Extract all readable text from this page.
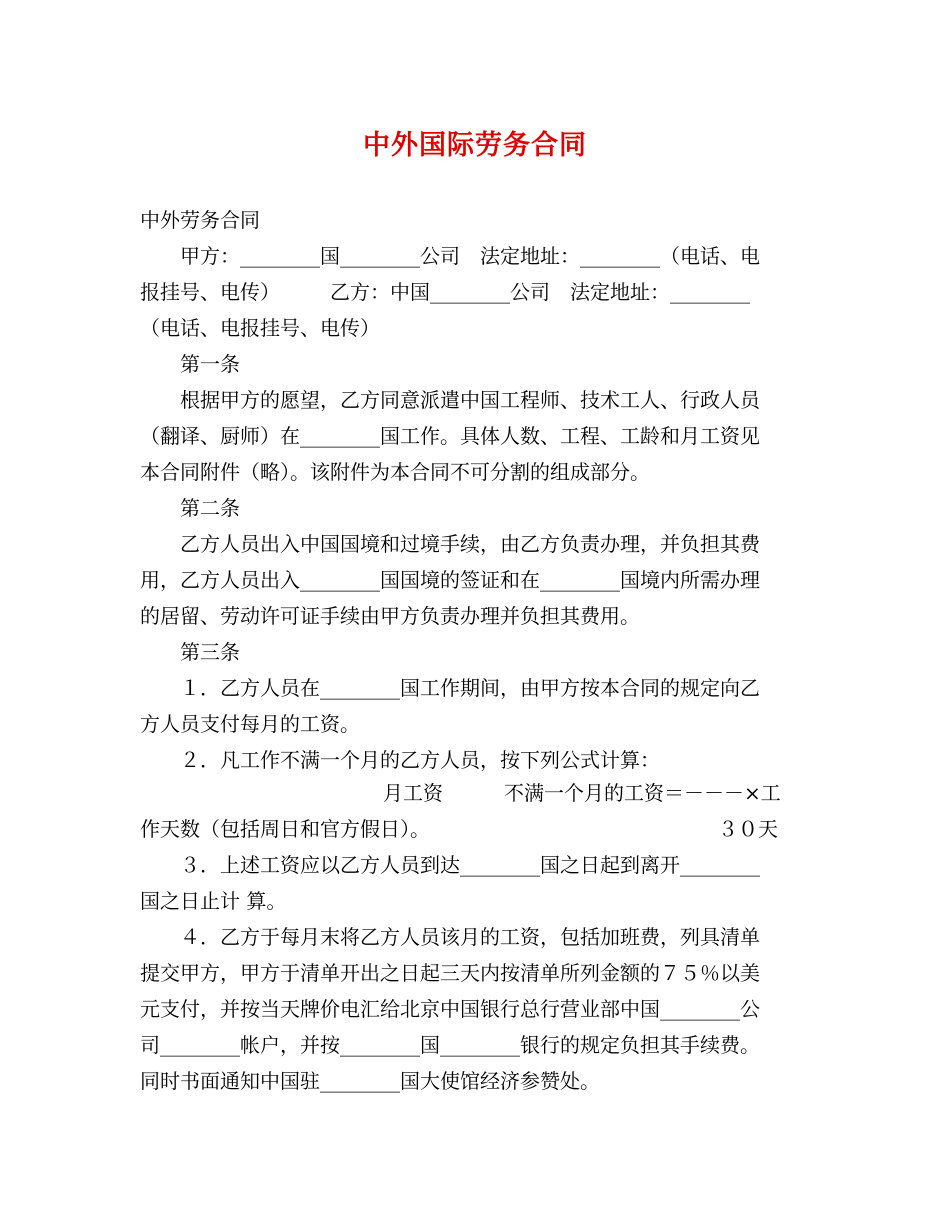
中外国际劳务合同
中外劳务合同
　　甲方：________国________公司　法定地址：________（电话、电
报挂号、电传）　　　乙方：中国________公司　法定地址：________
（电话、电报挂号、电传）
　　第一条
　　根据甲方的愿望，乙方同意派遣中国工程师、技术工人、行政人员
（翻译、厨师）在________国工作。具体人数、工程、工龄和月工资见
本合同附件（略）。该附件为本合同不可分割的组成部分。
　　第二条
　　乙方人员出入中国国境和过境手续，由乙方负责办理，并负担其费
用，乙方人员出入________国国境的签证和在________国境内所需办理
的居留、劳动许可证手续由甲方负责办理并负担其费用。
　　第三条
　　１．乙方人员在________国工作期间，由甲方按本合同的规定向乙
方人员支付每月的工资。
　　２．凡工作不满一个月的乙方人员，按下列公式计算：

月工资

	不满一个月的工资＝－－－×工

作天数（包括周日和官方假日）。

	３０天

　　３．上述工资应以乙方人员到达________国之日起到离开________
国之日止计 算。
　　４．乙方于每月末将乙方人员该月的工资，包括加班费，列具清单
提交甲方，甲方于清单开出之日起三天内按清单所列金额的７５％以美
元支付，并按当天牌价电汇给北京中国银行总行营业部中国________公
司________帐户，并按________国________银行的规定负担其手续费。
同时书面通知中国驻________国大使馆经济参赞处。
